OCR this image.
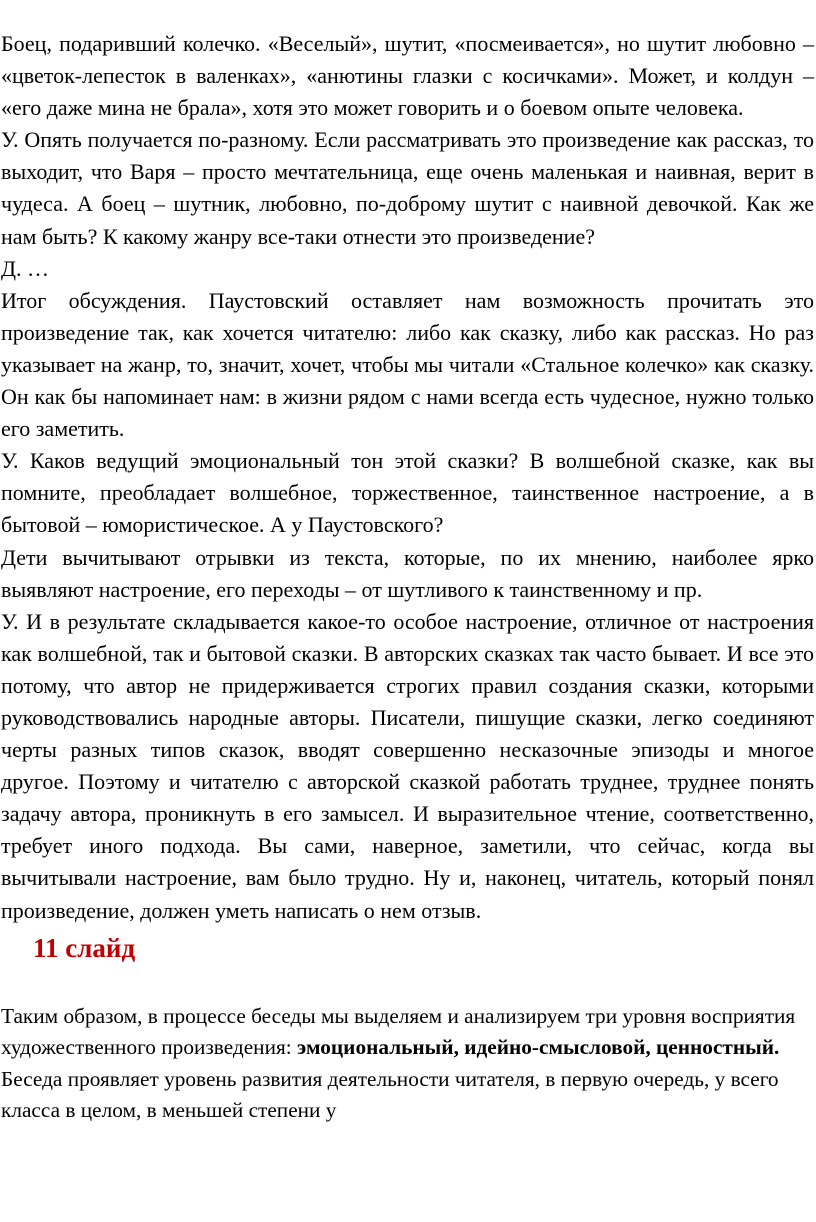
Боец, подаривший колечко. «Веселый», шутит, «посмеивается», но шутит любовно – «цветок-лепесток в валенках», «анютины глазки с косичками». Может, и колдун – «его даже мина не брала», хотя это может говорить и о боевом опыте человека.

У. Опять получается по-разному. Если рассматривать это произведение как рассказ, то выходит, что Варя – просто мечтательница, еще очень маленькая и наивная, верит в чудеса. А боец – шутник, любовно, по-доброму шутит с наивной девочкой. Как же нам быть? К какому жанру все-таки отнести это произведение?

Д. …

Итог обсуждения. Паустовский оставляет нам возможность прочитать это произведение так, как хочется читателю: либо как сказку, либо как рассказ. Но раз указывает на жанр, то, значит, хочет, чтобы мы читали «Стальное колечко» как сказку. Он как бы напоминает нам: в жизни рядом с нами всегда есть чудесное, нужно только его заметить.

У. Каков ведущий эмоциональный тон этой сказки? В волшебной сказке, как вы помните, преобладает волшебное, торжественное, таинственное настроение, а в бытовой – юмористическое. А у Паустовского?

Дети вычитывают отрывки из текста, которые, по их мнению, наиболее ярко выявляют настроение, его переходы – от шутливого к таинственному и пр.

У. И в результате складывается какое-то особое настроение, отличное от настроения как волшебной, так и бытовой сказки. В авторских сказках так часто бывает. И все это потому, что автор не придерживается строгих правил создания сказки, которыми руководствовались народные авторы. Писатели, пишущие сказки, легко соединяют черты разных типов сказок, вводят совершенно несказочные эпизоды и многое другое. Поэтому и читателю с авторской сказкой работать труднее, труднее понять задачу автора, проникнуть в его замысел. И выразительное чтение, соответственно, требует иного подхода. Вы сами, наверное, заметили, что сейчас, когда вы вычитывали настроение, вам было трудно. Ну и, наконец, читатель, который понял произведение, должен уметь написать о нем отзыв.

11 слайд

Таким образом, в процессе беседы мы выделяем и анализируем три уровня восприятия художественного произведения: эмоциональный, идейно-смысловой, ценностный. Беседа проявляет уровень развития деятельности читателя, в первую очередь, у всего класса в целом, в меньшей степени у
